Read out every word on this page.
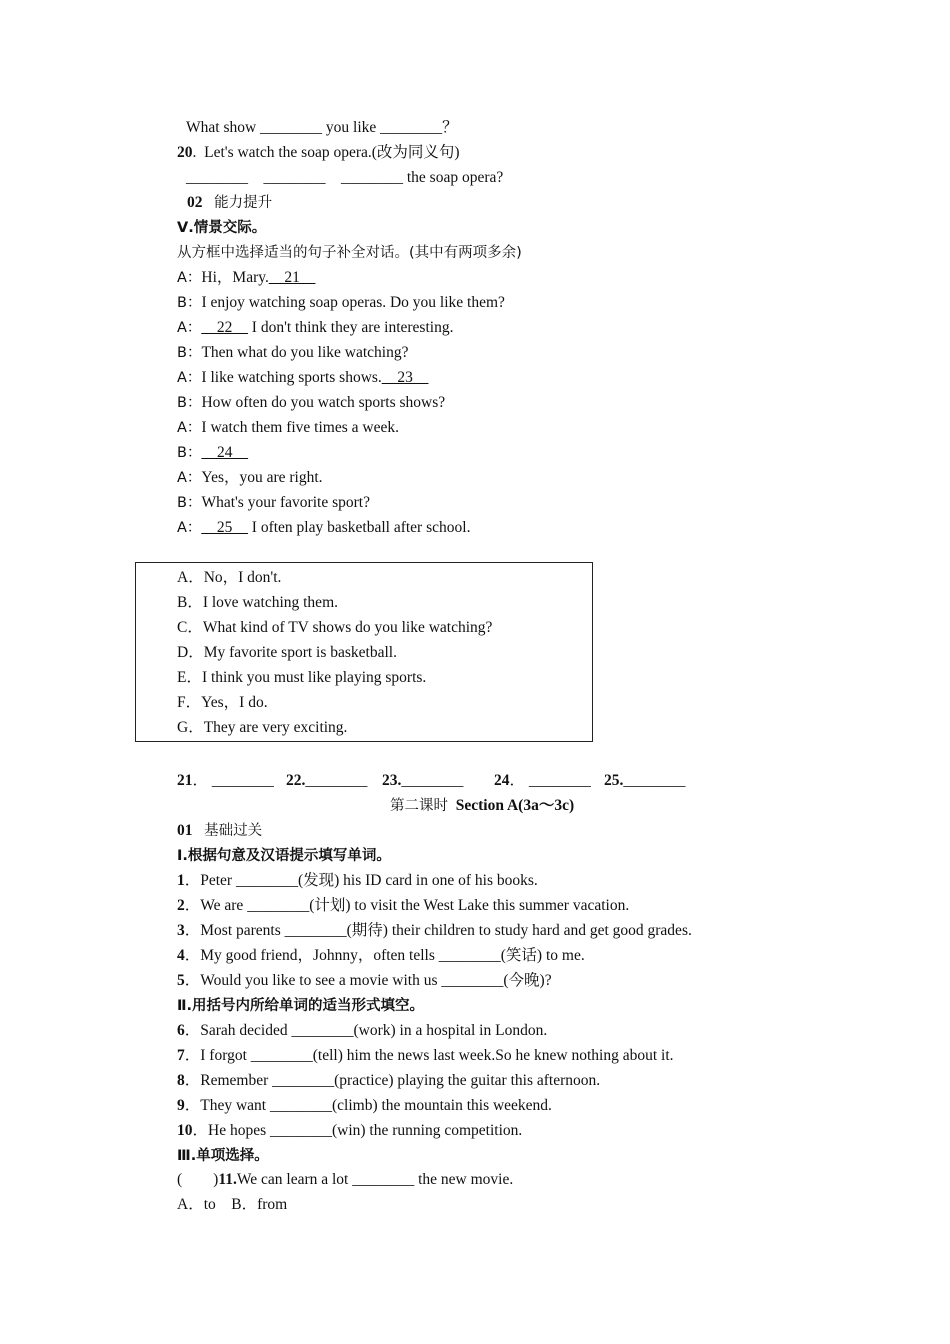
What show ________ you like ________？
20.  Let's watch the soap opera.(改为同义句)
________    ________    ________ the soap opera?
02 能力提升
Ⅴ.情景交际。
从方框中选择适当的句子补全对话。(其中有两项多余)
A：Hi，Mary.__21__
B：I enjoy watching soap operas. Do you like them?
A：__22__ I don't think they are interesting.
B：Then what do you like watching?
A：I like watching sports shows.__23__
B：How often do you watch sports shows?
A：I watch them five times a week.
B：__24__
A：Yes，you are right.
B：What's your favorite sport?
A：__25__ I often play basketball after school.
A．No，I don't.
B．I love watching them.
C．What kind of TV shows do you like watching?
D．My favorite sport is basketball.
E．I think you must like playing sports.
F．Yes，I do.
G．They are very exciting.
21． ________ 22.________ 23.________ 24． ________ 25.________
第二课时 Section A(3a～3c)
01 基础过关
Ⅰ.根据句意及汉语提示填写单词。
1．Peter ________(发现) his ID card in one of his books.
2．We are ________(计划) to visit the West Lake this summer vacation.
3．Most parents ________(期待) their children to study hard and get good grades.
4．My good friend，Johnny，often tells ________(笑话) to me.
5．Would you like to see a movie with us ________(今晚)?
Ⅱ.用括号内所给单词的适当形式填空。
6．Sarah decided ________(work) in a hospital in London.
7．I forgot ________(tell) him the news last week.So he knew nothing about it.
8．Remember ________(practice) playing the guitar this afternoon.
9．They want ________(climb) the mountain this weekend.
10．He hopes ________(win) the running competition.
Ⅲ.单项选择。
(　　)11.We can learn a lot ________ the new movie.
A．to　B．from
